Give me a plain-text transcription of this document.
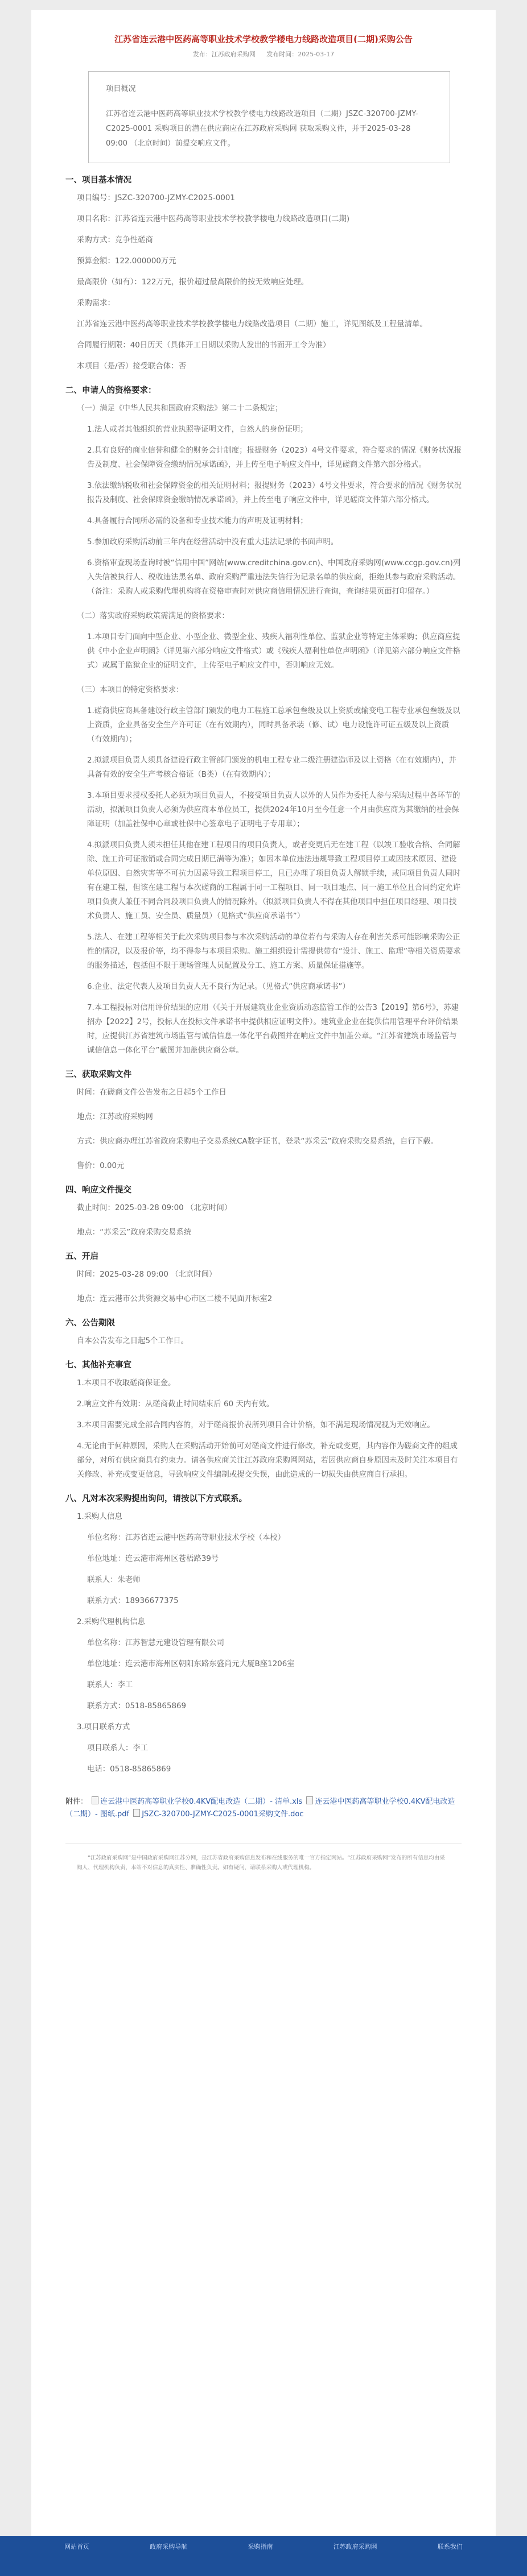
江苏省连云港中医药高等职业技术学校教学楼电力线路改造项目(二期)采购公告
发布：江苏政府采购网 发布时间：2025-03-17
项目概况
江苏省连云港中医药高等职业技术学校教学楼电力线路改造项目（二期）JSZC-320700-JZMY-C2025-0001 采购项目的潜在供应商应在江苏政府采购网 获取采购文件，并于2025-03-28 09:00 （北京时间）前提交响应文件。
一、项目基本情况

项目编号：JSZC-320700-JZMY-C2025-0001

项目名称：江苏省连云港中医药高等职业技术学校教学楼电力线路改造项目(二期)

采购方式：竞争性磋商

预算金额：122.000000万元

最高限价（如有）：122万元，报价超过最高限价的按无效响应处理。

采购需求：

江苏省连云港中医药高等职业技术学校教学楼电力线路改造项目（二期）施工，详见图纸及工程量清单。

合同履行期限：40日历天（具体开工日期以采购人发出的书面开工令为准）

本项目（是/否）接受联合体：否

二、申请人的资格要求：

（一）满足《中华人民共和国政府采购法》第二十二条规定；

1.法人或者其他组织的营业执照等证明文件，自然人的身份证明；

2.具有良好的商业信誉和健全的财务会计制度；报提财务（2023）4号文件要求，符合要求的情况《财务状况报告及制度、社会保障资金缴纳情况承诺函》，并上传至电子响应文件中，详见磋商文件第六部分格式。

3.依法缴纳税收和社会保障资金的相关证明材料；报提财务（2023）4号文件要求，符合要求的情况《财务状况报告及制度、社会保障资金缴纳情况承诺函》，并上传至电子响应文件中，详见磋商文件第六部分格式。

4.具备履行合同所必需的设备和专业技术能力的声明及证明材料；

5.参加政府采购活动前三年内在经营活动中没有重大违法记录的书面声明。

6.资格审查现场查询时被“信用中国”网站(www.creditchina.gov.cn)、中国政府采购网(www.ccgp.gov.cn)列入失信被执行人、税收违法黑名单、政府采购严重违法失信行为记录名单的供应商，拒绝其参与政府采购活动。（备注：采购人或采购代理机构将在资格审查时对供应商信用情况进行查询，查询结果页面打印留存。）

（二）落实政府采购政策需满足的资格要求：

1.本项目专门面向中型企业、小型企业、微型企业、残疾人福利性单位、监狱企业等特定主体采购；供应商应提供《中小企业声明函》（详见第六部分响应文件格式）或《残疾人福利性单位声明函》（详见第六部分响应文件格式）或属于监狱企业的证明文件，上传至电子响应文件中，否则响应无效。

（三）本项目的特定资格要求：

1.磋商供应商具备建设行政主管部门颁发的电力工程施工总承包叁级及以上资质或输变电工程专业承包叁级及以上资质，企业具备安全生产许可证（在有效期内），同时具备承装（修、试）电力设施许可证五级及以上资质（有效期内）；

2.拟派项目负责人须具备建设行政主管部门颁发的机电工程专业二级注册建造师及以上资格（在有效期内），并具备有效的安全生产考核合格证（B类）（在有效期内）；

3.本项目要求授权委托人必须为项目负责人，不接受项目负责人以外的人员作为委托人参与采购过程中各环节的活动，拟派项目负责人必须为供应商本单位员工，提供2024年10月至今任意一个月由供应商为其缴纳的社会保障证明（加盖社保中心章或社保中心签章电子证明电子专用章）；

4.拟派项目负责人须未担任其他在建工程项目的项目负责人，或者变更后无在建工程（以竣工验收合格、合同解除、施工许可证撤销或合同完成日期已满等为准）；如因本单位违法违规导致工程项目停工或因技术原因、建设单位原因、自然灾害等不可抗力因素导致工程项目停工，且已办理了项目负责人解锁手续，或同项目负责人同时有在建工程，但该在建工程与本次磋商的工程属于同一工程项目、同一项目地点、同一施工单位且合同约定允许项目负责人兼任不同合同段项目负责人的情况除外。（拟派项目负责人不得在其他项目中担任项目经理、项目技术负责人、施工员、安全员、质量员）（见格式“供应商承诺书”）

5.法人、在建工程等相关于此次采购项目参与本次采购活动的单位若有与采购人存在利害关系可能影响采购公正性的情况，以及报价等，均不得参与本项目采购。施工组织设计需提供带有“设计、施工、监理”等相关资质要求的服务描述，包括但不限于现场管理人员配置及分工、施工方案、质量保证措施等。

6.企业、法定代表人及项目负责人无不良行为记录。（见格式“供应商承诺书”）

7.本工程投标对信用评价结果的应用（《关于开展建筑业企业资质动态监管工作的公告3【2019】第6号》，苏建招办【2022】2号，投标人在投标文件承诺书中提供相应证明文件）。建筑业企业在提供信用管理平台评价结果时，应提供江苏省建筑市场监管与诚信信息一体化平台截图并在响应文件中加盖公章。“江苏省建筑市场监管与诚信信息一体化平台”截图并加盖供应商公章。

三、获取采购文件

时间：在磋商文件公告发布之日起5个工作日

地点：江苏政府采购网

方式：供应商办理江苏省政府采购电子交易系统CA数字证书，登录“苏采云”政府采购交易系统，自行下载。

售价：0.00元

四、响应文件提交

截止时间：2025-03-28 09:00 （北京时间）

地点：“苏采云”政府采购交易系统

五、开启

时间：2025-03-28 09:00 （北京时间）

地点：连云港市公共资源交易中心市区二楼不见面开标室2

六、公告期限

自本公告发布之日起5个工作日。

七、其他补充事宜

1.本项目不收取磋商保证金。

2.响应文件有效期：从磋商截止时间结束后 60 天内有效。

3.本项目需要完成全部合同内容的，对于磋商报价表所列项目合计价格，如不满足现场情况视为无效响应。

4.无论由于何种原因，采购人在采购活动开始前可对磋商文件进行修改，补充或变更，其内容作为磋商文件的组成部分，对所有供应商具有约束力。请各供应商关注江苏政府采购网网站，若因供应商自身原因未及时关注本项目有关修改、补充或变更信息，导致响应文件编制或提交失误，由此造成的一切损失由供应商自行承担。

八、凡对本次采购提出询问，请按以下方式联系。

1.采购人信息

单位名称：江苏省连云港中医药高等职业技术学校（本校）

单位地址：连云港市海州区苍梧路39号

联系人：朱老师

联系方式：18936677375

2.采购代理机构信息

单位名称：江苏智慧元建设管理有限公司

单位地址：连云港市海州区朝阳东路东盛尚元大厦B座1206室

联系人：李工

联系方式：0518-85865869

3.项目联系方式

项目联系人：李工

电话：0518-85865869

附件： 连云港中医药高等职业学校0.4KV配电改造（二期）- 清单.xls 连云港中医药高等职业学校0.4KV配电改造（二期）- 图纸.pdf JSZC-320700-JZMY-C2025-0001采购文件.doc
“江苏政府采购网”是中国政府采购网江苏分网，是江苏省政府采购信息发布和在线服务的唯一官方指定网站。“江苏政府采购网”发布的所有信息均由采购人、代理机构负责，本站不对信息的真实性、准确性负责。如有疑问，请联系采购人或代理机构。
网站首页	政府采购导航	采购指南	江苏政府采购网	联系我们
